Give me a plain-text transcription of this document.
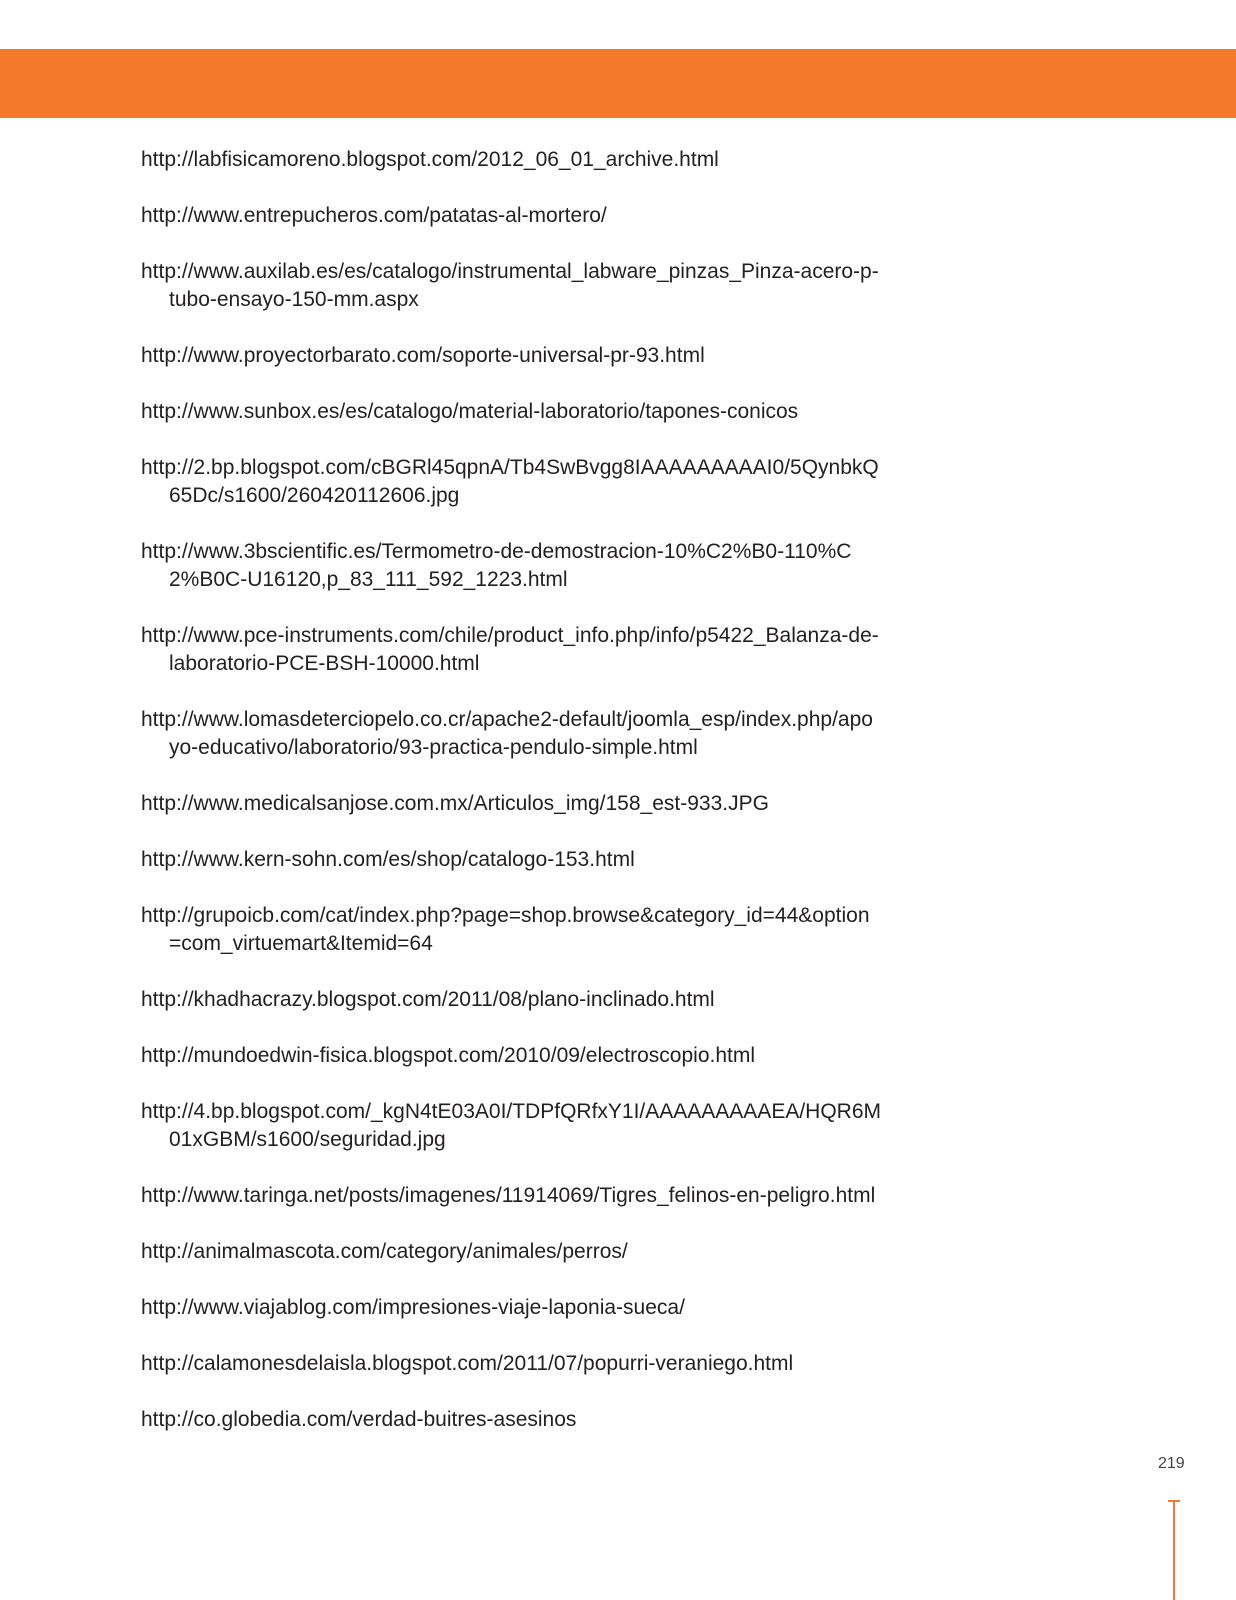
http://labfisicamoreno.blogspot.com/2012_06_01_archive.html
http://www.entrepucheros.com/patatas-al-mortero/
http://www.auxilab.es/es/catalogo/instrumental_labware_pinzas_Pinza-acero-p-tubo-ensayo-150-mm.aspx
http://www.proyectorbarato.com/soporte-universal-pr-93.html
http://www.sunbox.es/es/catalogo/material-laboratorio/tapones-conicos
http://2.bp.blogspot.com/cBGRl45qpnA/Tb4SwBvgg8IAAAAAAAAAI0/5QynbkQ65Dc/s1600/260420112606.jpg
http://www.3bscientific.es/Termometro-de-demostracion-10%C2%B0-110%C2%B0C-U16120,p_83_111_592_1223.html
http://www.pce-instruments.com/chile/product_info.php/info/p5422_Balanza-de-laboratorio-PCE-BSH-10000.html
http://www.lomasdeterciopelo.co.cr/apache2-default/joomla_esp/index.php/apoyo-educativo/laboratorio/93-practica-pendulo-simple.html
http://www.medicalsanjose.com.mx/Articulos_img/158_est-933.JPG
http://www.kern-sohn.com/es/shop/catalogo-153.html
http://grupoicb.com/cat/index.php?page=shop.browse&category_id=44&option=com_virtuemart&Itemid=64
http://khadhacrazy.blogspot.com/2011/08/plano-inclinado.html
http://mundoedwin-fisica.blogspot.com/2010/09/electroscopio.html
http://4.bp.blogspot.com/_kgN4tE03A0I/TDPfQRfxY1I/AAAAAAAAAEA/HQR6M01xGBM/s1600/seguridad.jpg
http://www.taringa.net/posts/imagenes/11914069/Tigres_felinos-en-peligro.html
http://animalmascota.com/category/animales/perros/
http://www.viajablog.com/impresiones-viaje-laponia-sueca/
http://calamonesdelaisla.blogspot.com/2011/07/popurri-veraniego.html
http://co.globedia.com/verdad-buitres-asesinos
219
